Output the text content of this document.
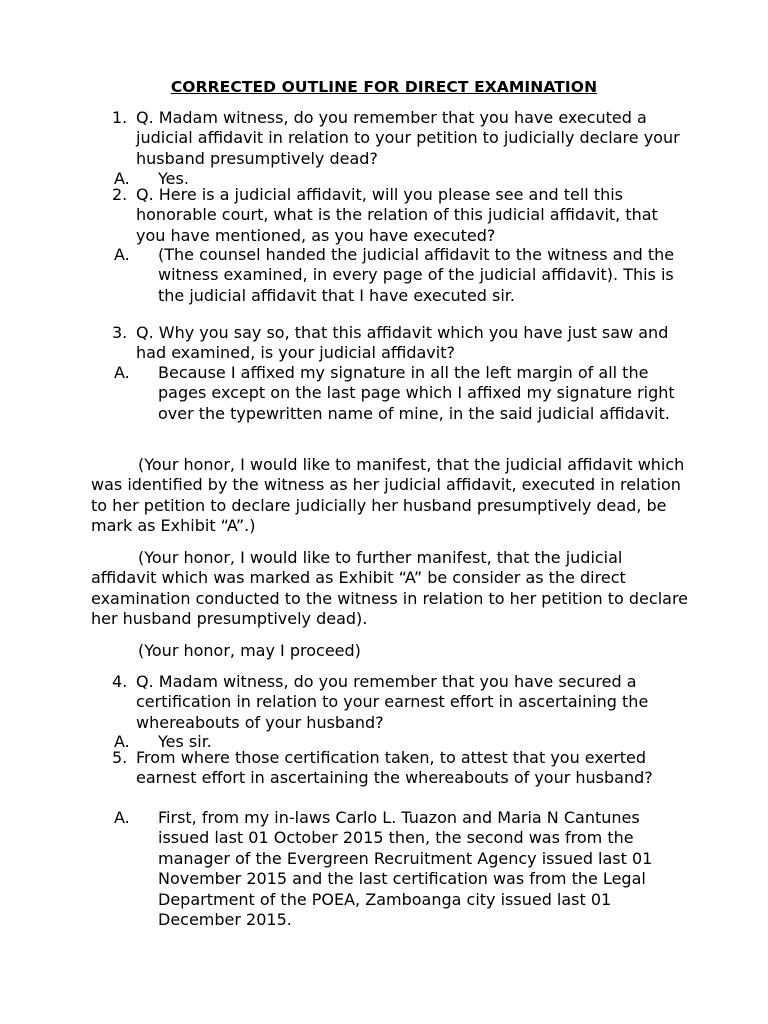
CORRECTED OUTLINE FOR DIRECT EXAMINATION
1. Q. Madam witness, do you remember that you have executed a judicial affidavit in relation to your petition to judicially declare your husband presumptively dead?
A. Yes.
2. Q. Here is a judicial affidavit, will you please see and tell this honorable court, what is the relation of this judicial affidavit, that you have mentioned, as you have executed?
A. (The counsel handed the judicial affidavit to the witness and the witness examined, in every page of the judicial affidavit). This is the judicial affidavit that I have executed sir.
3. Q. Why you say so, that this affidavit which you have just saw and had examined, is your judicial affidavit?
A. Because I affixed my signature in all the left margin of all the pages except on the last page which I affixed my signature right over the typewritten name of mine, in the said judicial affidavit.

(Your honor, I would like to manifest, that the judicial affidavit which was identified by the witness as her judicial affidavit, executed in relation to her petition to declare judicially her husband presumptively dead, be mark as Exhibit “A”.)

(Your honor, I would like to further manifest, that the judicial affidavit which was marked as Exhibit “A” be consider as the direct examination conducted to the witness in relation to her petition to declare her husband presumptively dead).

(Your honor, may I proceed)

4. Q. Madam witness, do you remember that you have secured a certification in relation to your earnest effort in ascertaining the whereabouts of your husband?
A. Yes sir.
5. From where those certification taken, to attest that you exerted earnest effort in ascertaining the whereabouts of your husband?
A. First, from my in-laws Carlo L. Tuazon and Maria N Cantunes issued last 01 October 2015 then, the second was from the manager of the Evergreen Recruitment Agency issued last 01 November 2015 and the last certification was from the Legal Department of the POEA, Zamboanga city issued last 01 December 2015.
